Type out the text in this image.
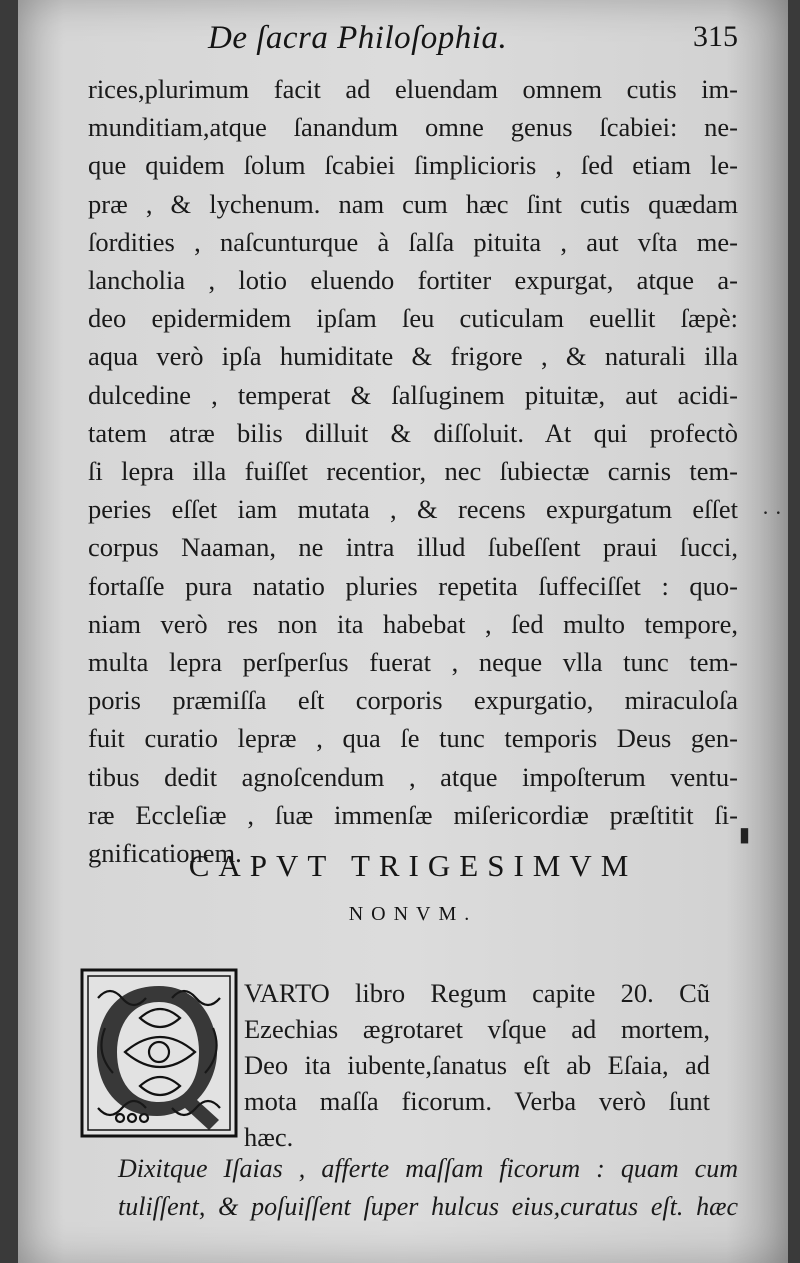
De ſacra Philoſophia.	315
rices,plurimum facit ad eluendam omnem cutis im-
munditiam,atque ſanandum omne genus ſcabiei: ne-
que quidem ſolum ſcabiei ſimplicioris , ſed etiam le-
præ , & lychenum. nam cum hæc ſint cutis quædam
ſordities , naſcunturque à ſalſa pituita , aut vſta me-
lancholia , lotio eluendo fortiter expurgat, atque a-
deo epidermidem ipſam ſeu cuticulam euellit ſæpè:
aqua verò ipſa humiditate & frigore , & naturali illa
dulcedine , temperat & ſalſuginem pituitæ, aut acidi-
tatem atræ bilis dilluit & diſſoluit. At qui profectò
ſi lepra illa fuiſſet recentior, nec ſubiectæ carnis tem-
peries eſſet iam mutata , & recens expurgatum eſſet
corpus Naaman, ne intra illud ſubeſſent praui ſucci,
fortaſſe pura natatio pluries repetita ſuffeciſſet : quo-
niam verò res non ita habebat , ſed multo tempore,
multa lepra perſperſus fuerat , neque vlla tunc tem-
poris præmiſſa eſt corporis expurgatio, miraculoſa
fuit curatio lepræ , qua ſe tunc temporis Deus gen-
tibus dedit agnoſcendum , atque impoſterum ventu-
ræ Eccleſiæ , ſuæ immenſæ miſericordiæ præſtitit ſi-
gnificationem.
CAPVT TRIGESIMVM
NONVM.
VARTO libro Regum capite 20. Cũ
Ezechias ægrotaret vſque ad mortem,
Deo ita iubente,ſanatus eſt ab Eſaia, ad
mota maſſa ficorum. Verba verò ſunt
hæc.
Dixitque Iſaias , afferte maſſam ficorum : quam cum
tuliſſent, & poſuiſſent ſuper hulcus eius,curatus eſt. hæc
· ·
▮
